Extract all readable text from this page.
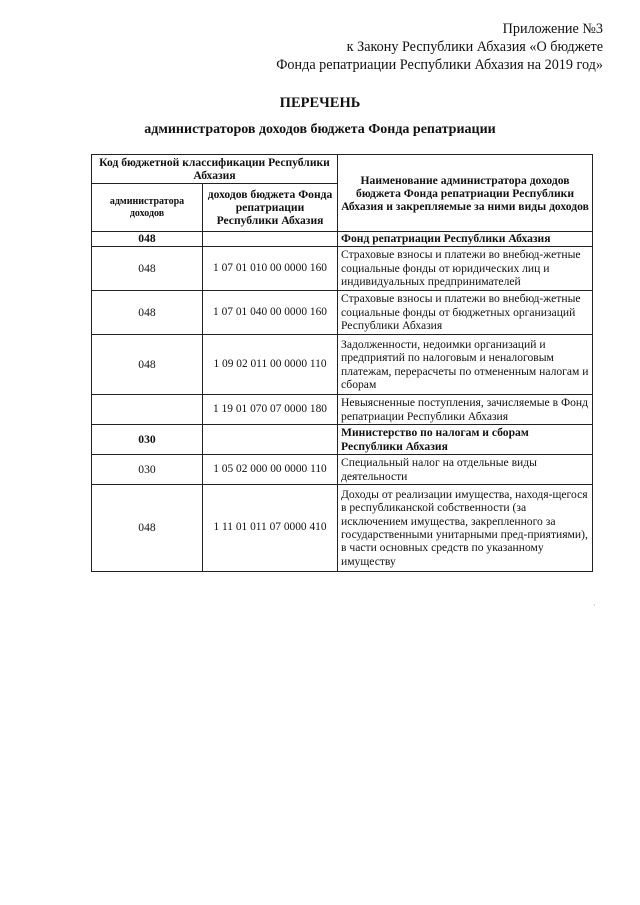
Приложение №3
к Закону Республики Абхазия «О бюджете
Фонда репатриации Республики Абхазия на 2019 год»
ПЕРЕЧЕНЬ
администраторов доходов бюджета Фонда репатриации
Код бюджетной классификации Республики Абхазия		Наименование администратора доходов бюджета Фонда репатриации Республики Абхазия и закрепляемые за ними виды доходов
администратора доходов	доходов бюджета Фонда репатриации Республики Абхазия	
048		Фонд репатриации Республики Абхазия
048	1 07 01 010 00 0000 160	Страховые взносы и платежи во внебюд-жетные социальные фонды от юридических лиц и индивидуальных предпринимателей
048	1 07 01 040 00 0000 160	Страховые взносы и платежи во внебюд-жетные социальные фонды от бюджетных организаций Республики Абхазия
048	1 09 02 011 00 0000 110	Задолженности, недоимки организаций и предприятий по налоговым и неналоговым платежам, перерасчеты по отмененным налогам и сборам
	1 19 01 070 07 0000 180	Невыясненные поступления, зачисляемые в Фонд репатриации Республики Абхазия
030		Министерство по налогам и сборам Республики Абхазия
030	1 05 02 000 00 0000 110	Специальный налог на отдельные виды деятельности
048	1 11 01 011 07 0000 410	Доходы от реализации имущества, находя-щегося в республиканской собственности (за исключением имущества, закрепленного за государственными унитарными пред-приятиями), в части основных средств по указанному имуществу
·
